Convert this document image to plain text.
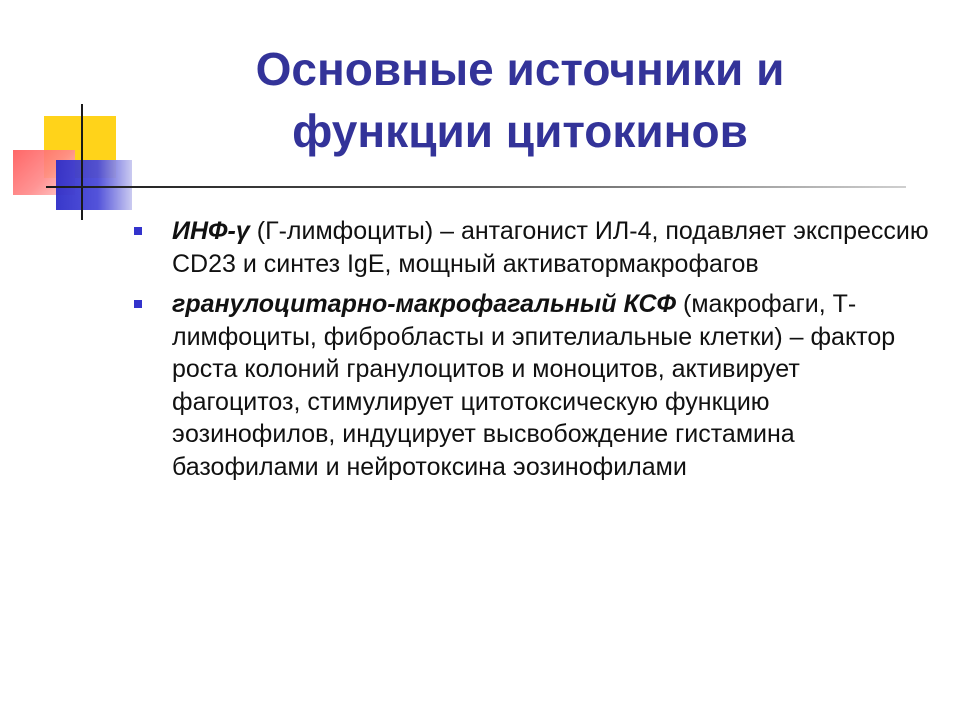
Основные источники и
функции цитокинов
ИНФ-γ (Г-лимфоциты) – антагонист ИЛ-4, подавляет экспрессию CD23 и синтез IgE, мощный активатормакрофагов
гранулоцитарно-макрофагальный КСФ (макрофаги, Т-лимфоциты, фибробласты и эпителиальные клетки) – фактор роста колоний гранулоцитов и моноцитов, активирует фагоцитоз, стимулирует цитотоксическую функцию эозинофилов, индуцирует высвобождение гистамина базофилами и нейротоксина эозинофилами
